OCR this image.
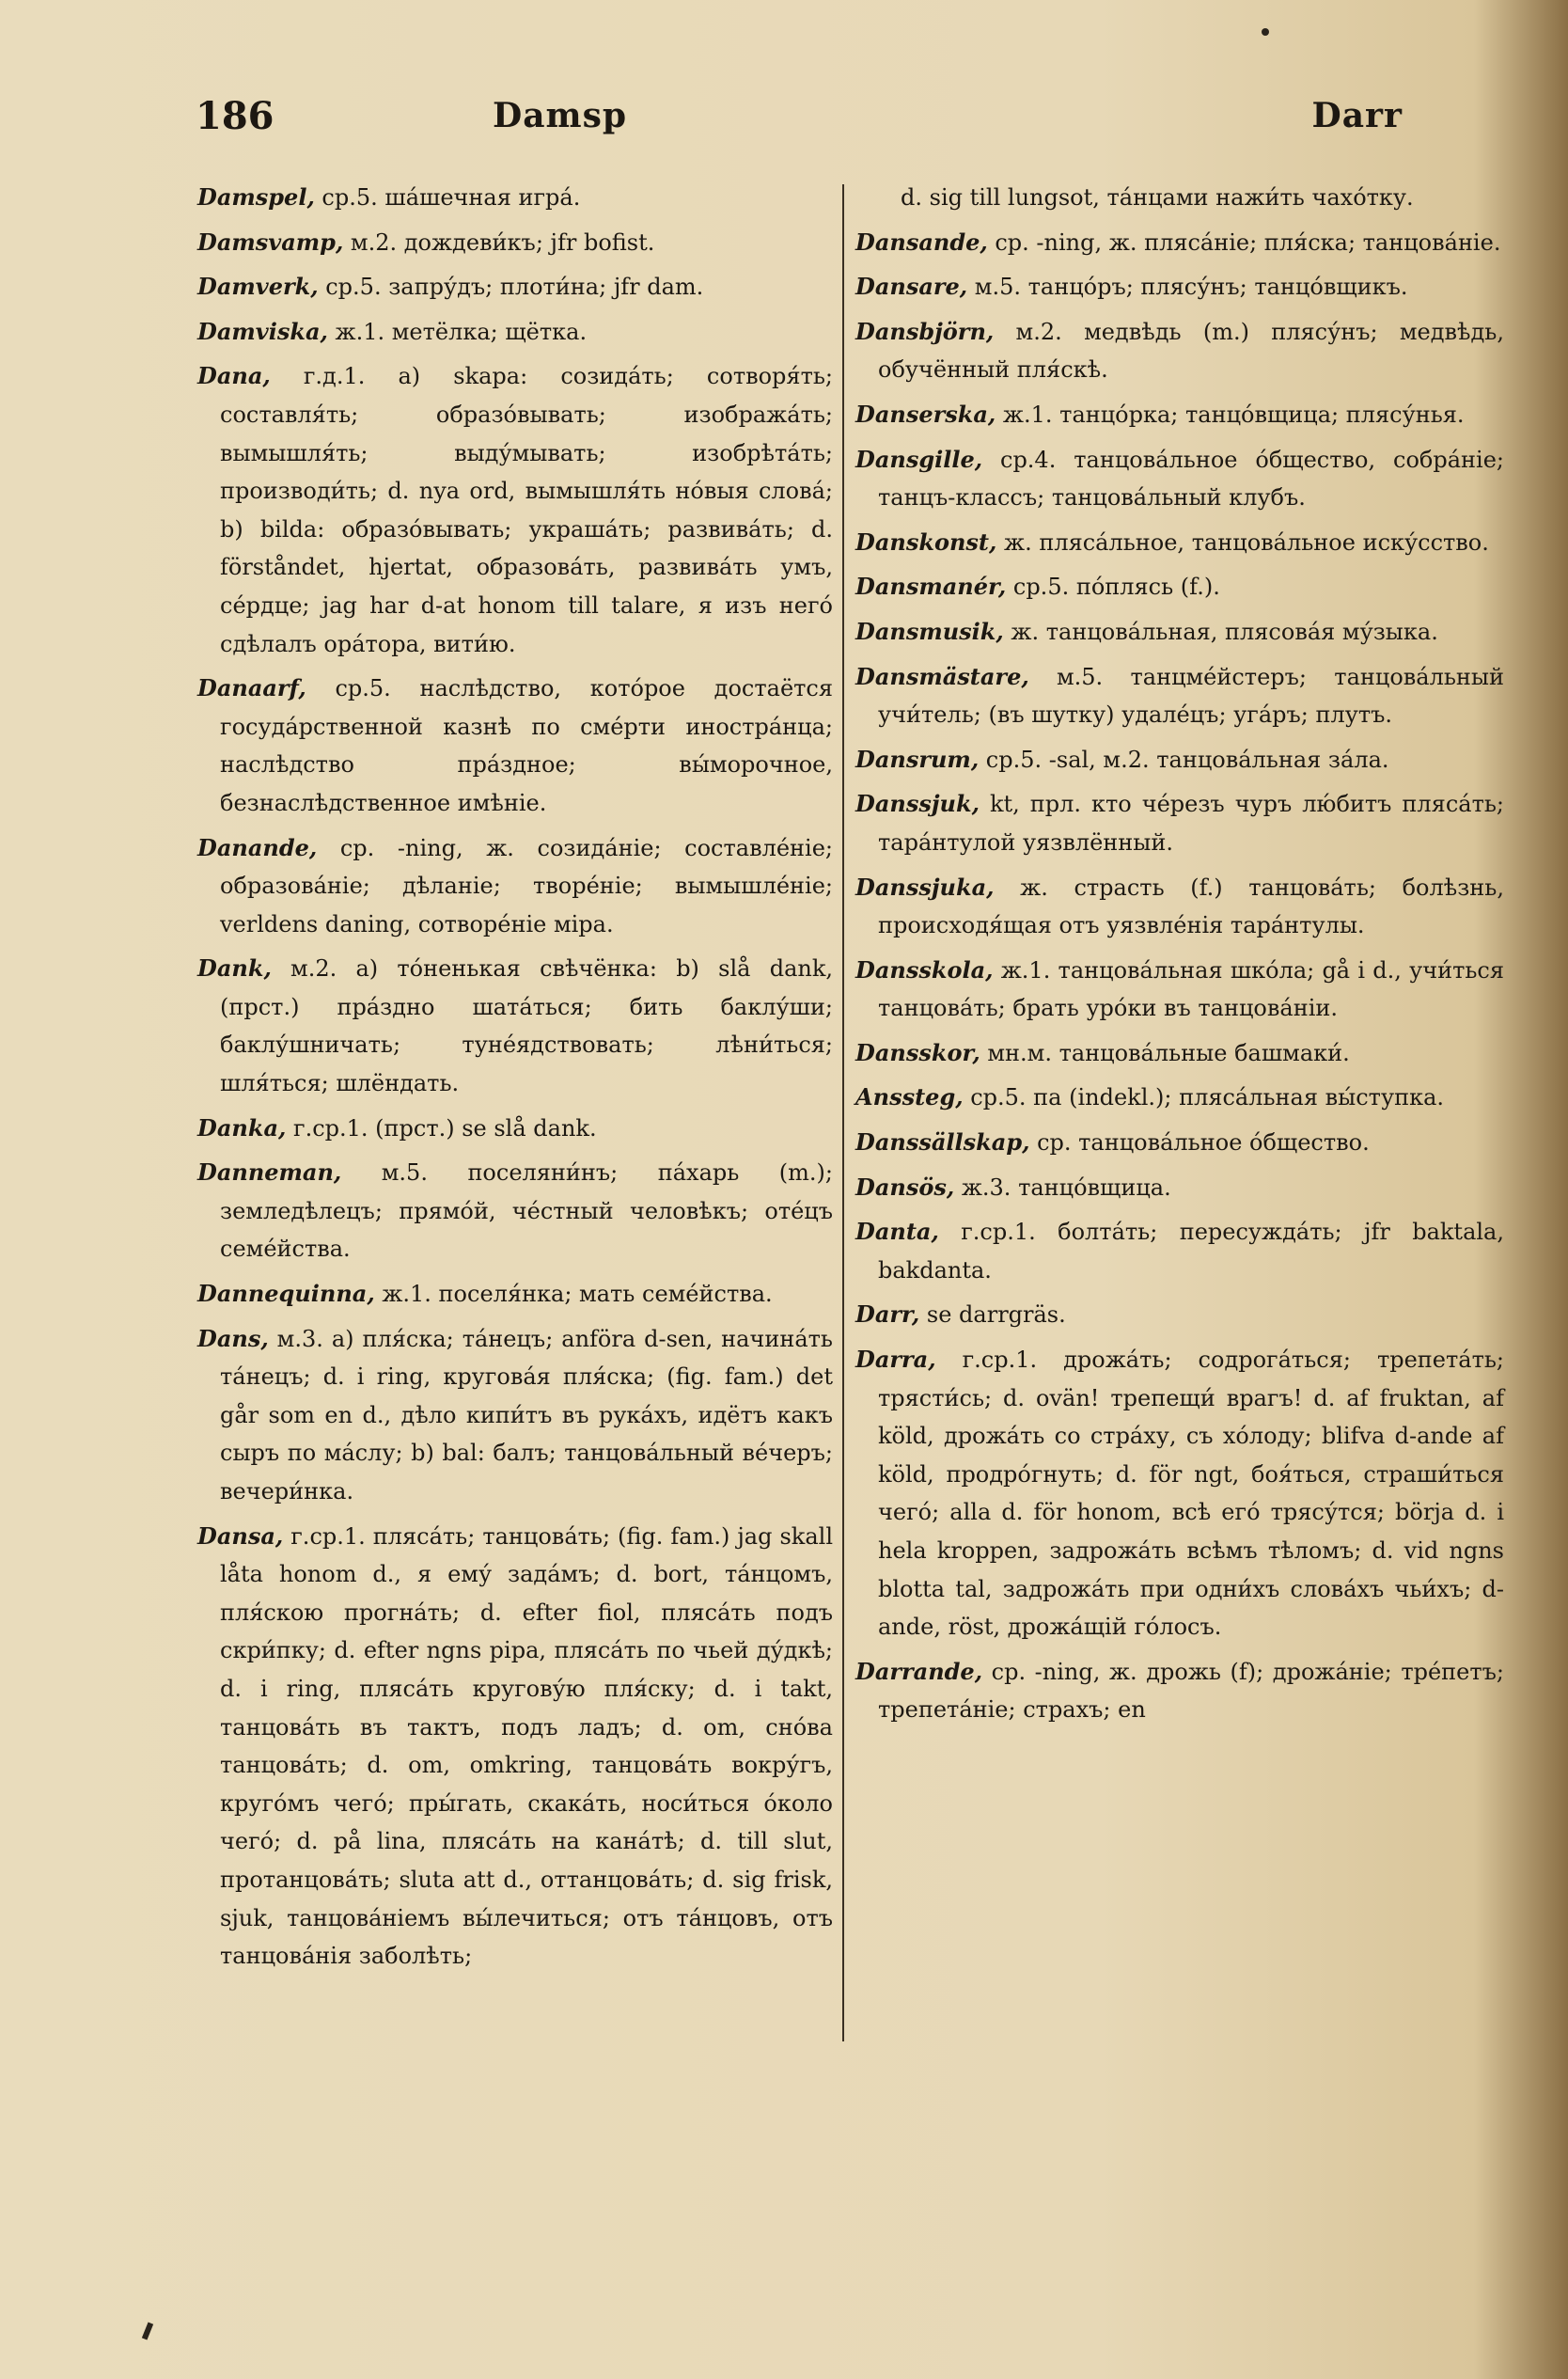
186	Damsp	Darr

Damspel, ср.5. ша́шечная игра́.

Damsvamp, м.2. дождеви́къ; jfr bofist.

Damverk, ср.5. запру́дъ; плоти́на; jfr dam.

Damviska, ж.1. метёлка; щётка.

Dana, г.д.1. a) skapa: созида́ть; сотворя́ть; составля́ть; образо́вывать; изобража́ть; вымышля́ть; выду́мывать; изобрѣта́ть; производи́ть; d. nya ord, вымышля́ть но́выя слова́; b) bilda: образо́вывать; украша́ть; развива́ть; d. förståndet, hjertat, образова́ть, развива́ть умъ, се́рдце; jag har d-at honom till talare, я изъ него́ сдѣлалъ ора́тора, вити́ю.

Danaarf, ср.5. наслѣдство, кото́рое достаётся госуда́рственной казнѣ по сме́рти иностра́нца; наслѣдство пра́здное; вы́морочное, безнаслѣдственное имѣніе.

Danande, ср. -ning, ж. созида́ніе; составле́ніе; образова́ніе; дѣланіе; творе́ніе; вымышле́ніе; verldens daning, сотворе́ніе міра.

Dank, м.2. a) то́ненькая свѣчёнка: b) slå dank, (прст.) пра́здно шата́ться; бить баклу́ши; баклу́шничать; туне́ядствовать; лѣни́ться; шля́ться; шлёндать.

Danka, г.ср.1. (прст.) se slå dank.

Danneman, м.5. поселяни́нъ; па́харь (m.); земледѣлецъ; прямо́й, че́стный человѣкъ; оте́цъ семе́йства.

Dannequinna, ж.1. поселя́нка; мать семе́йства.

Dans, м.3. a) пля́ска; та́нецъ; anföra d-sen, начина́ть та́нецъ; d. i ring, кругова́я пля́ска; (fig. fam.) det går som en d., дѣло кипи́тъ въ рука́хъ, идётъ какъ сыръ по ма́слу; b) bal: балъ; танцова́льный ве́черъ; вечери́нка.

Dansa, г.ср.1. пляса́ть; танцова́ть; (fig. fam.) jag skall låta honom d., я ему́ зада́мъ; d. bort, та́нцомъ, пля́скою прогна́ть; d. efter fiol, пляса́ть подъ скри́пку; d. efter ngns pipa, пляса́ть по чьей ду́дкѣ; d. i ring, пляса́ть кругову́ю пля́ску; d. i takt, танцова́ть въ тактъ, подъ ладъ; d. om, сно́ва танцова́ть; d. om, omkring, танцова́ть вокру́гъ, круго́мъ чего́; пры́гать, скака́ть, носи́ться о́коло чего́; d. på lina, пляса́ть на кана́тѣ; d. till slut, протанцова́ть; sluta att d., оттанцова́ть; d. sig frisk, sjuk, танцова́ніемъ вы́лечиться; отъ та́нцовъ, отъ танцова́нія заболѣть;

d. sig till lungsot, та́нцами нажи́ть чахо́тку.

Dansande, ср. -ning, ж. пляса́ніе; пля́ска; танцова́ніе.

Dansare, м.5. танцо́ръ; плясу́нъ; танцо́вщикъ.

Dansbjörn, м.2. медвѣдь (m.) плясу́нъ; медвѣдь, обучённый пля́скѣ.

Danserska, ж.1. танцо́рка; танцо́вщица; плясу́нья.

Dansgille, ср.4. танцова́льное о́бщество, собра́ніе; танцъ-классъ; танцова́льный клубъ.

Danskonst, ж. пляса́льное, танцова́льное иску́сство.

Dansmanér, ср.5. по́плясь (f.).

Dansmusik, ж. танцова́льная, плясова́я му́зыка.

Dansmästare, м.5. танцме́йстеръ; танцова́льный учи́тель; (въ шутку) удале́цъ; уга́ръ; плутъ.

Dansrum, ср.5. -sal, м.2. танцова́льная за́ла.

Danssjuk, kt, прл. кто че́резъ чуръ лю́битъ пляса́ть; тара́нтулой уязвлённый.

Danssjuka, ж. страсть (f.) танцова́ть; болѣзнь, происходя́щая отъ уязвле́нія тара́нтулы.

Dansskola, ж.1. танцова́льная шко́ла; gå i d., учи́ться танцова́ть; брать уро́ки въ танцова́ніи.

Dansskor, мн.м. танцова́льные башмаки́.

Anssteg, ср.5. па (indekl.); пляса́льная вы́ступка.

Danssällskap, ср. танцова́льное о́бщество.

Dansös, ж.3. танцо́вщица.

Danta, г.ср.1. болта́ть; пересужда́ть; jfr baktala, bakdanta.

Darr, se darrgräs.

Darra, г.ср.1. дрожа́ть; содрога́ться; трепета́ть; трясти́сь; d. ovän! трепещи́ врагъ! d. af fruktan, af köld, дрожа́ть со стра́ху, съ хо́лоду; blifva d-ande af köld, продро́гнуть; d. för ngt, боя́ться, страши́ться чего́; alla d. för honom, всѣ его́ трясу́тся; börja d. i hela kroppen, задрожа́ть всѣмъ тѣломъ; d. vid ngns blotta tal, задрожа́ть при одни́хъ слова́хъ чьи́хъ; d-ande, röst, дрожа́щій го́лосъ.

Darrande, ср. -ning, ж. дрожь (f); дрожа́ніе; тре́петъ; трепета́ніе; страхъ; en
